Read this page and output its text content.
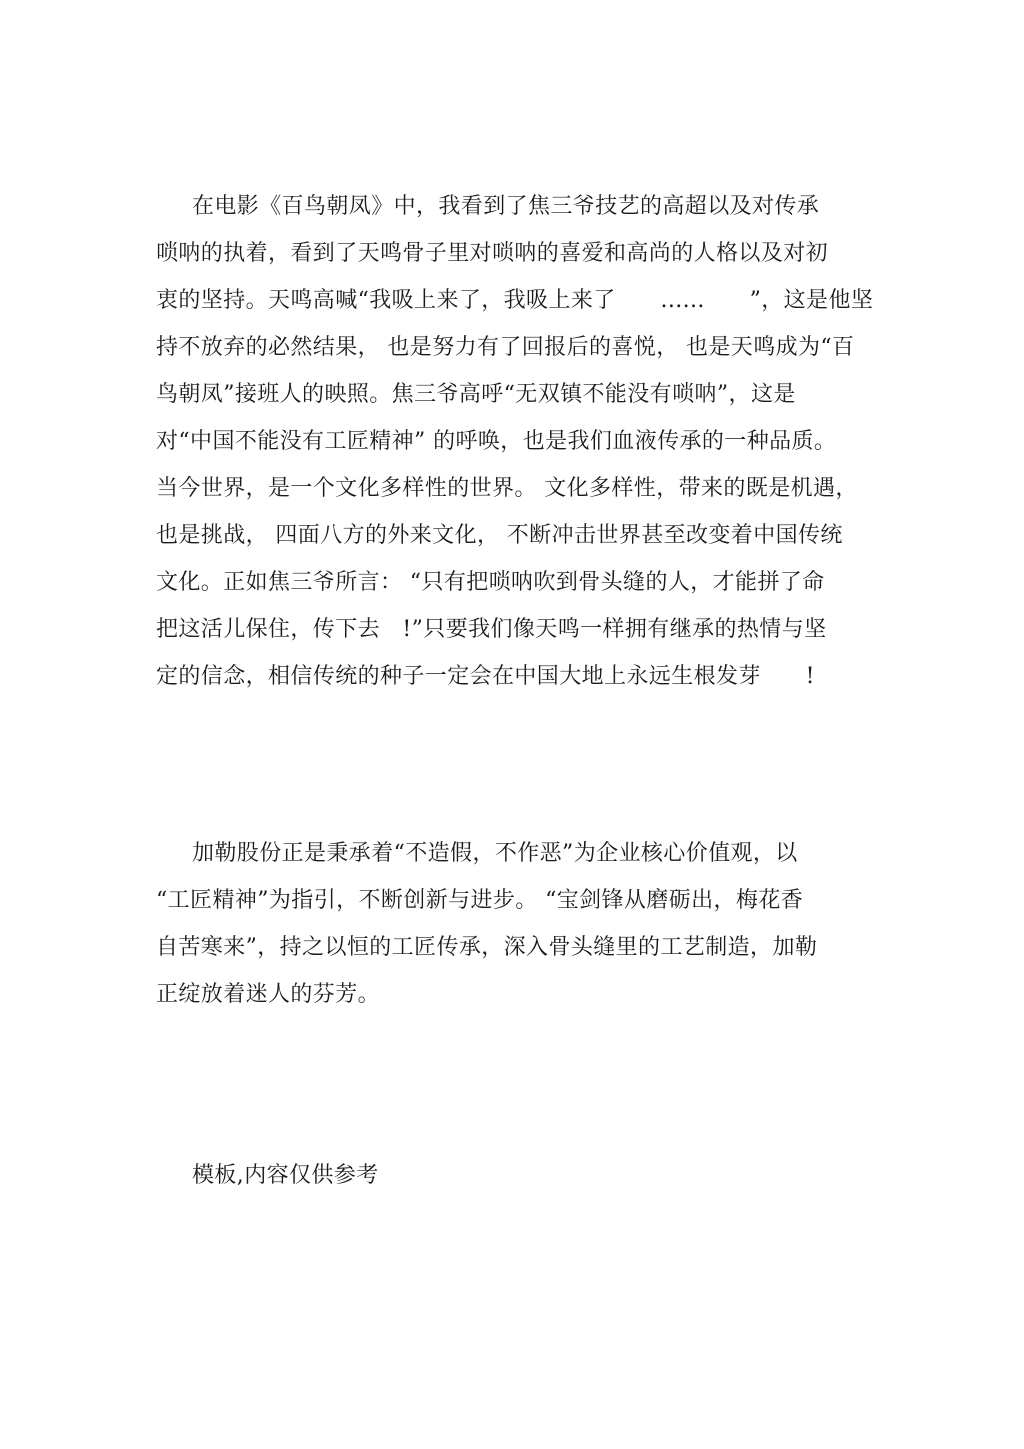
在电影《百鸟朝凤》中，我看到了焦三爷技艺的高超以及对传承
唢呐的执着，看到了天鸣骨子里对唢呐的喜爱和高尚的人格以及对初
衷的坚持。天鸣高喊“我吸上来了，我吸上来了　　......　　”，这是他坚
持不放弃的必然结果， 也是努力有了回报后的喜悦， 也是天鸣成为“百
鸟朝凤”接班人的映照。焦三爷高呼“无双镇不能没有唢呐”，这是
对“中国不能没有工匠精神” 的呼唤，也是我们血液传承的一种品质。
当今世界，是一个文化多样性的世界。 文化多样性，带来的既是机遇，
也是挑战， 四面八方的外来文化， 不断冲击世界甚至改变着中国传统
文化。正如焦三爷所言： “只有把唢呐吹到骨头缝的人，才能拼了命
把这活儿保住，传下去　!”只要我们像天鸣一样拥有继承的热情与坚
定的信念，相信传统的种子一定会在中国大地上永远生根发芽　　!
加勒股份正是秉承着“不造假，不作恶”为企业核心价值观，以
“工匠精神”为指引，不断创新与进步。 “宝剑锋从磨砺出，梅花香
自苦寒来”，持之以恒的工匠传承，深入骨头缝里的工艺制造，加勒
正绽放着迷人的芬芳。
模板,内容仅供参考
